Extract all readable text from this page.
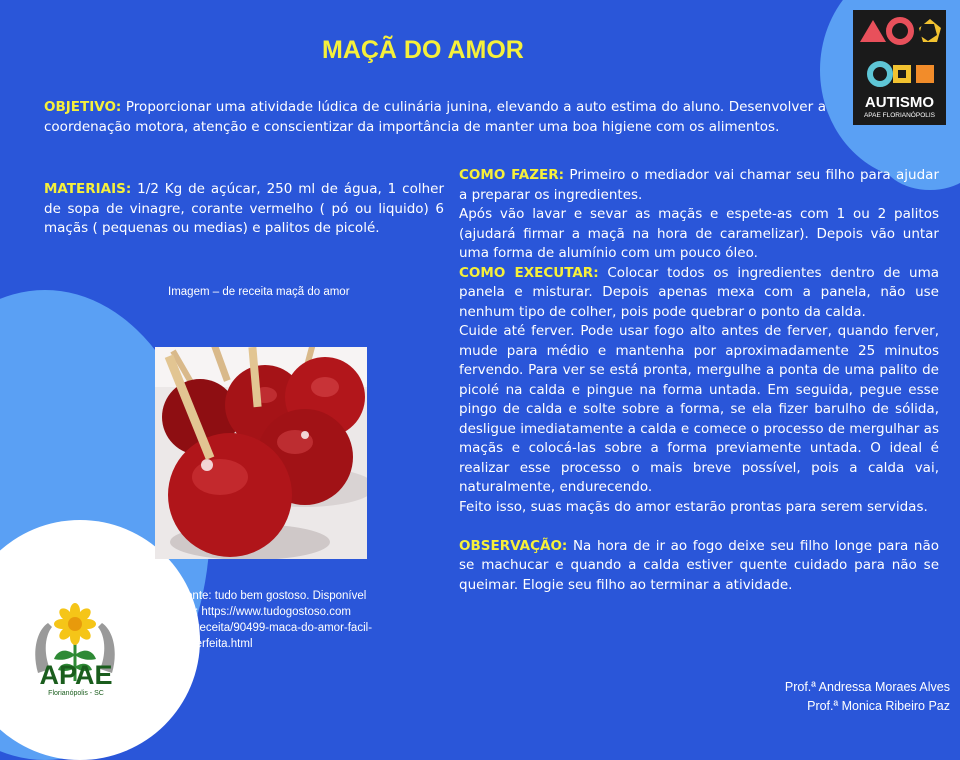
MAÇÃ DO AMOR
OBJETIVO: Proporcionar uma atividade lúdica de culinária junina, elevando a auto estima do aluno. Desenvolver a coordenação motora, atenção e conscientizar da importância de manter uma boa higiene com os alimentos.
MATERIAIS: 1/2 Kg de açúcar, 250 ml de água, 1 colher de sopa de vinagre, corante vermelho ( pó ou liquido) 6 maçãs ( pequenas ou medias) e palitos de picolé.

COMO FAZER: Primeiro o mediador vai chamar seu filho para ajudar a preparar os ingredientes.

Após vão lavar e sevar as maçãs e espete-as com 1 ou 2 palitos (ajudará firmar a maçã na hora de caramelizar). Depois vão untar uma forma de alumínio com um pouco óleo.

COMO EXECUTAR: Colocar todos os ingredientes dentro de uma panela e misturar. Depois apenas mexa com a panela, não use nenhum tipo de colher, pois pode quebrar o ponto da calda.

Cuide até ferver. Pode usar fogo alto antes de ferver, quando ferver, mude para médio e mantenha por aproximadamente 25 minutos fervendo. Para ver se está pronta, mergulhe a ponta de uma palito de picolé na calda e pingue na forma untada. Em seguida, pegue esse pingo de calda e solte sobre a forma, se ela fizer barulho de sólida, desligue imediatamente a calda e comece o processo de mergulhar as maçãs e colocá-las sobre a forma previamente untada. O ideal é realizar esse processo o mais breve possível, pois a calda vai, naturalmente, endurecendo.

Feito isso, suas maçãs do amor estarão prontas para serem servidas.

OBSERVAÇÃO: Na hora de ir ao fogo deixe seu filho longe para não se machucar e quando a calda estiver quente cuidado para não se queimar. Elogie seu filho ao terminar a atividade.

Imagem – de receita maçã do amor
Fonte: tudo bem gostoso. Disponível em: https://www.tudogostoso.com .br/receita/90499-maca-do-amor-facil-e-perfeita.html
AUTISMO
APAE FLORIANÓPOLIS
APAE
Florianópolis - SC	Prof.ª Andressa Moraes Alves
Prof.ª Monica Ribeiro Paz
